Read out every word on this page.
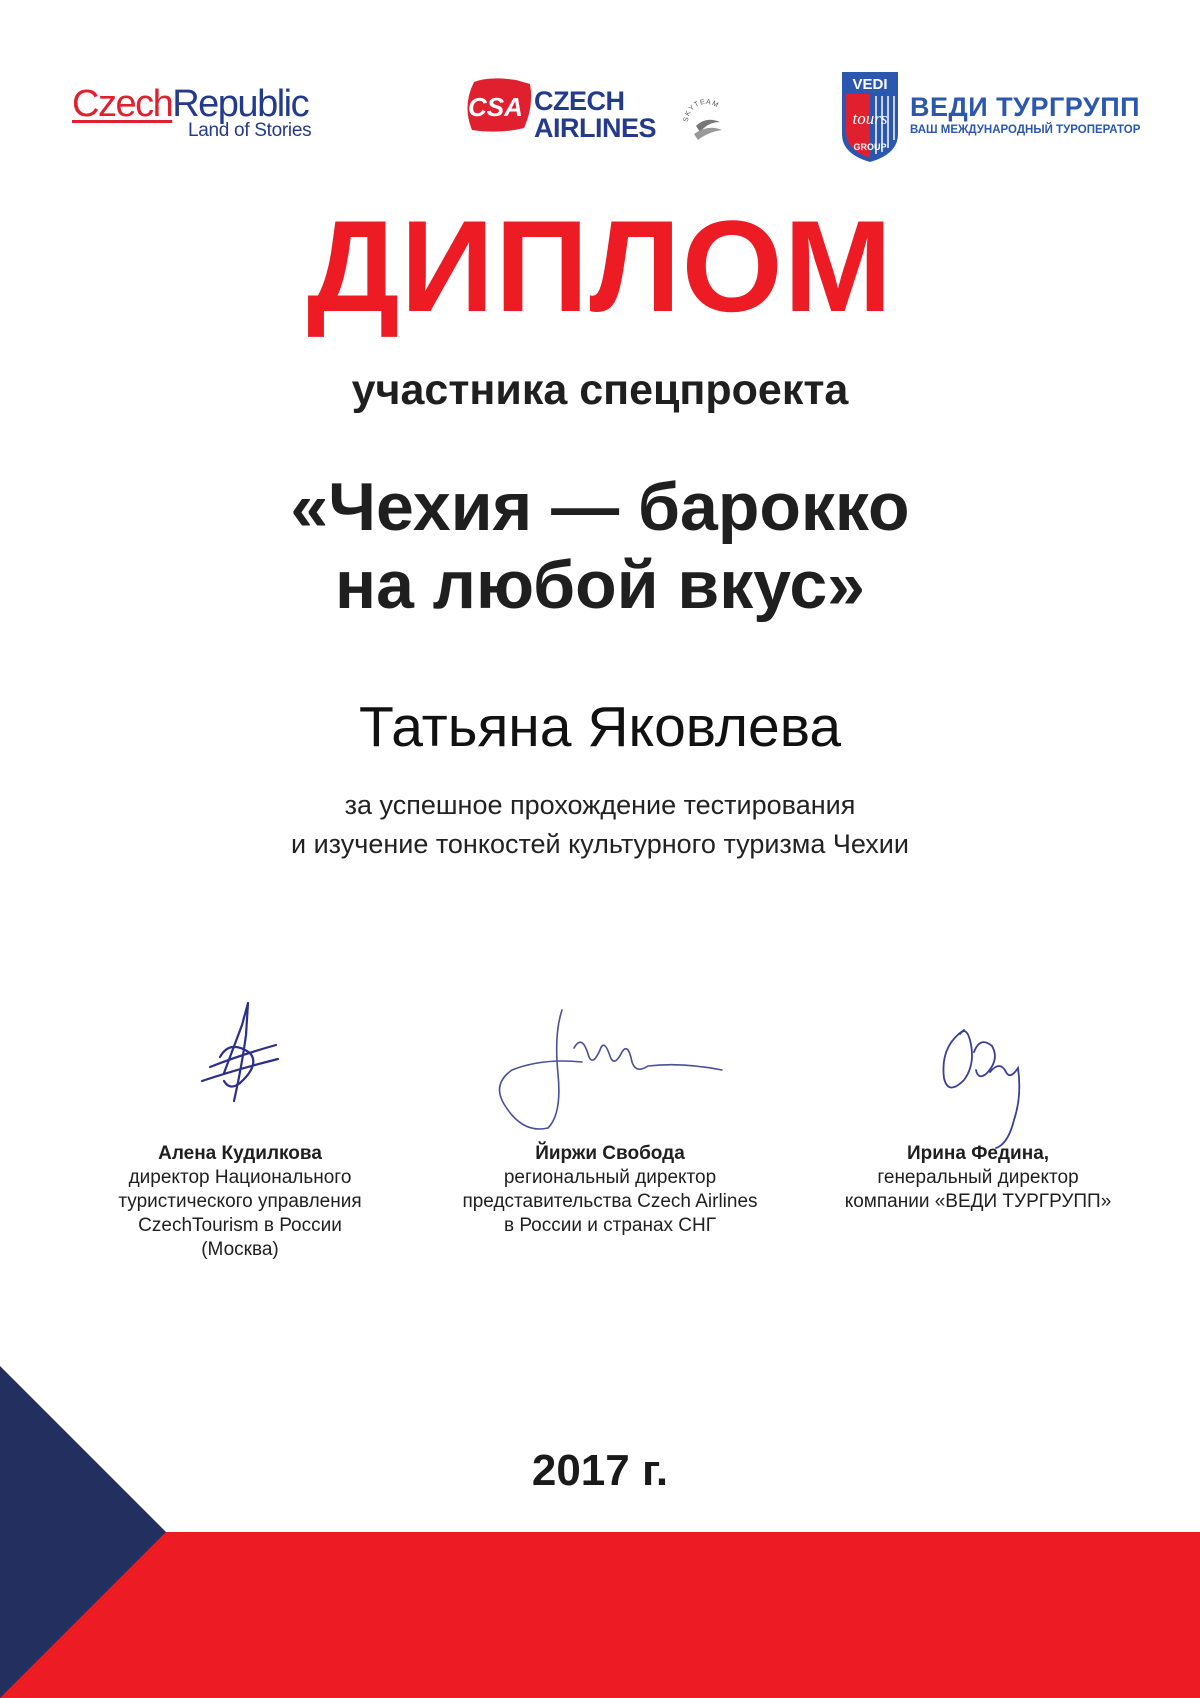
CzechRepublic
Land of Stories
CSA CZECH
AIRLINES	SKYTEAM
VEDI
tours
GROUP
ВЕДИ ТУРГРУПП
ВАШ МЕЖДУНАРОДНЫЙ ТУРОПЕРАТОР
ДИПЛОМ
участника спецпроекта
«Чехия — барокко
на любой вкус»
Татьяна Яковлева
за успешное прохождение тестирования
и изучение тонкостей культурного туризма Чехии
Алена Кудилкова
директор Национального
туристического управления
CzechTourism в России
(Москва)
Йиржи Свобода
региональный директор
представительства Czech Airlines
в России и странах СНГ
Ирина Федина,
генеральный директор
компании «ВЕДИ ТУРГРУПП»
2017 г.
